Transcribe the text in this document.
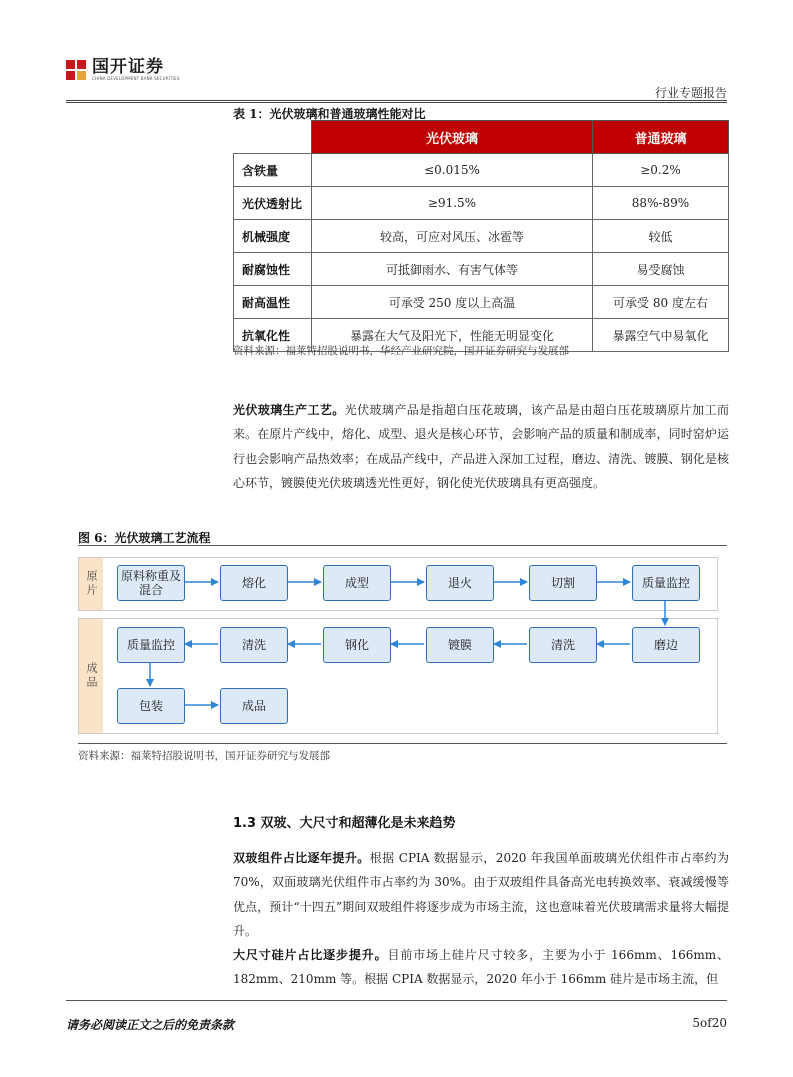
国开证券
CHINA DEVELOPMENT BANK SECURITIES
行业专题报告
表 1：光伏玻璃和普通玻璃性能对比
	光伏玻璃	普通玻璃
含铁量	≤0.015%	≥0.2%
光伏透射比	≥91.5%	88%-89%
机械强度	较高，可应对风压、冰雹等	较低
耐腐蚀性	可抵御雨水、有害气体等	易受腐蚀
耐高温性	可承受 250 度以上高温	可承受 80 度左右
抗氧化性	暴露在大气及阳光下，性能无明显变化	暴露空气中易氧化
资料来源：福莱特招股说明书，华经产业研究院，国开证券研究与发展部
光伏玻璃生产工艺。光伏玻璃产品是指超白压花玻璃，该产品是由超白压花玻璃原片加工而来。在原片产线中，熔化、成型、退火是核心环节，会影响产品的质量和制成率，同时窑炉运行也会影响产品热效率；在成品产线中，产品进入深加工过程，磨边、清洗、镀膜、钢化是核心环节，镀膜使光伏玻璃透光性更好，钢化使光伏玻璃具有更高强度。
图 6：光伏玻璃工艺流程
原片
成品
原料称重及混合	熔化	成型	退火	切割	质量监控
质量监控	清洗	钢化	镀膜	清洗	磨边
包装	成品
资料来源：福莱特招股说明书，国开证券研究与发展部
1.3 双玻、大尺寸和超薄化是未来趋势
双玻组件占比逐年提升。根据 CPIA 数据显示，2020 年我国单面玻璃光伏组件市占率约为 70%，双面玻璃光伏组件市占率约为 30%。由于双玻组件具备高光电转换效率、衰减缓慢等优点，预计“十四五”期间双玻组件将逐步成为市场主流，这也意味着光伏玻璃需求量将大幅提升。
大尺寸硅片占比逐步提升。目前市场上硅片尺寸较多，主要为小于 166mm、166mm、182mm、210mm 等。根据 CPIA 数据显示，2020 年小于 166mm 硅片是市场主流，但
请务必阅读正文之后的免责条款	5of20
